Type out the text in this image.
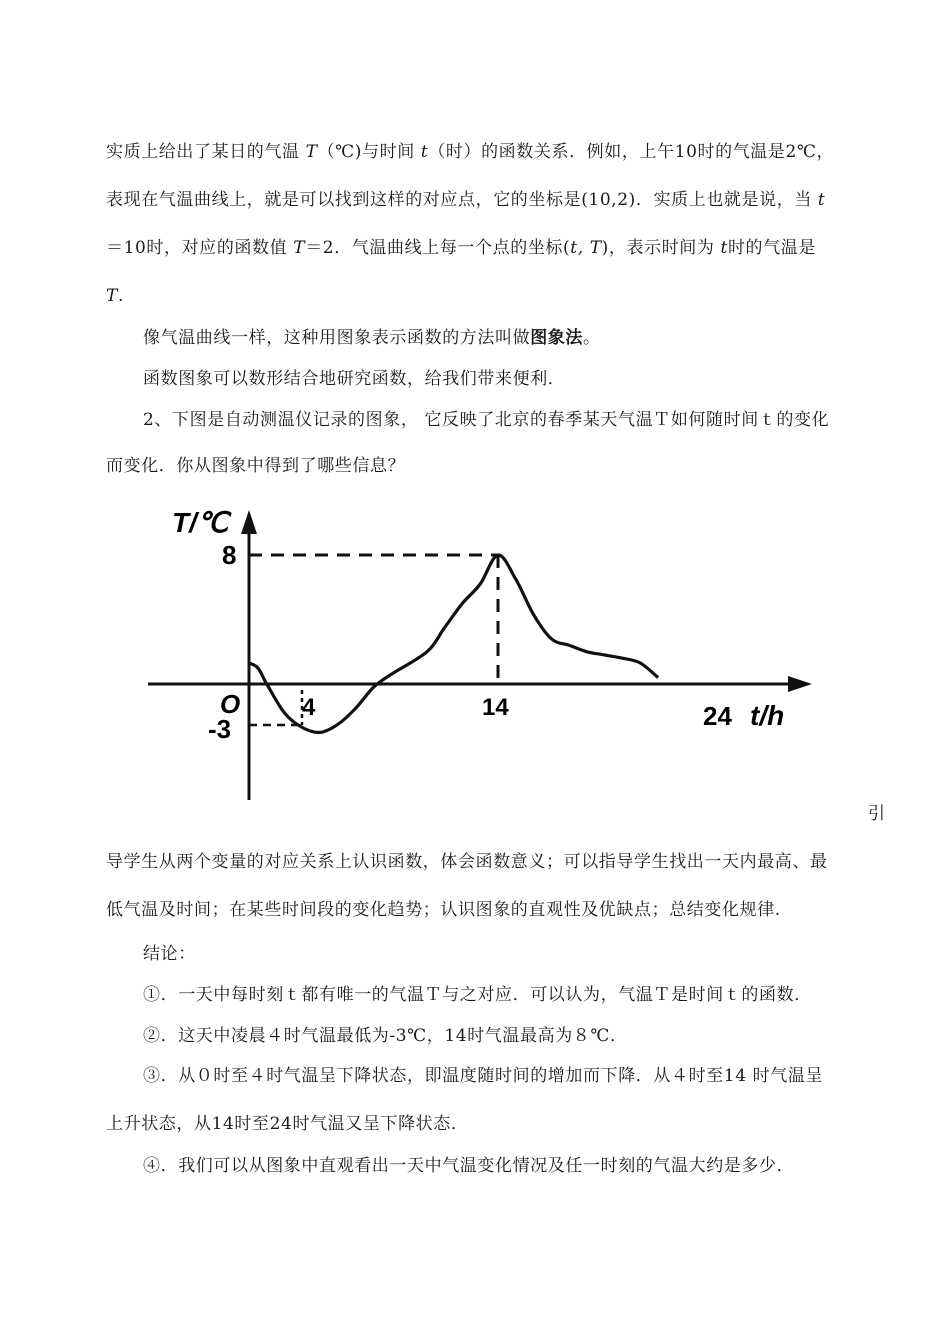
实质上给出了某日的气温 T（℃)与时间 t（时）的函数关系．例如，上午10时的气温是2℃，
表现在气温曲线上，就是可以找到这样的对应点，它的坐标是(10,2)．实质上也就是说，当 t
＝10时，对应的函数值 T＝2．气温曲线上每一个点的坐标(t, T)，表示时间为 t时的气温是
T.
像气温曲线一样，这种用图象表示函数的方法叫做图象法。
函数图象可以数形结合地研究函数，给我们带来便利．
2、下图是自动测温仪记录的图象， 它反映了北京的春季某天气温Ｔ如何随时间ｔ的变化
而变化．你从图象中得到了哪些信息？
T/℃
8
O
-3
4	14	24 t/h
引
导学生从两个变量的对应关系上认识函数，体会函数意义；可以指导学生找出一天内最高、最
低气温及时间；在某些时间段的变化趋势；认识图象的直观性及优缺点；总结变化规律.
结论：
①．一天中每时刻ｔ都有唯一的气温Ｔ与之对应．可以认为，气温Ｔ是时间ｔ的函数．
②．这天中凌晨４时气温最低为-3℃，14时气温最高为８℃．
③．从０时至４时气温呈下降状态，即温度随时间的增加而下降．从４时至14 时气温呈
上升状态，从14时至24时气温又呈下降状态．
④．我们可以从图象中直观看出一天中气温变化情况及任一时刻的气温大约是多少．
